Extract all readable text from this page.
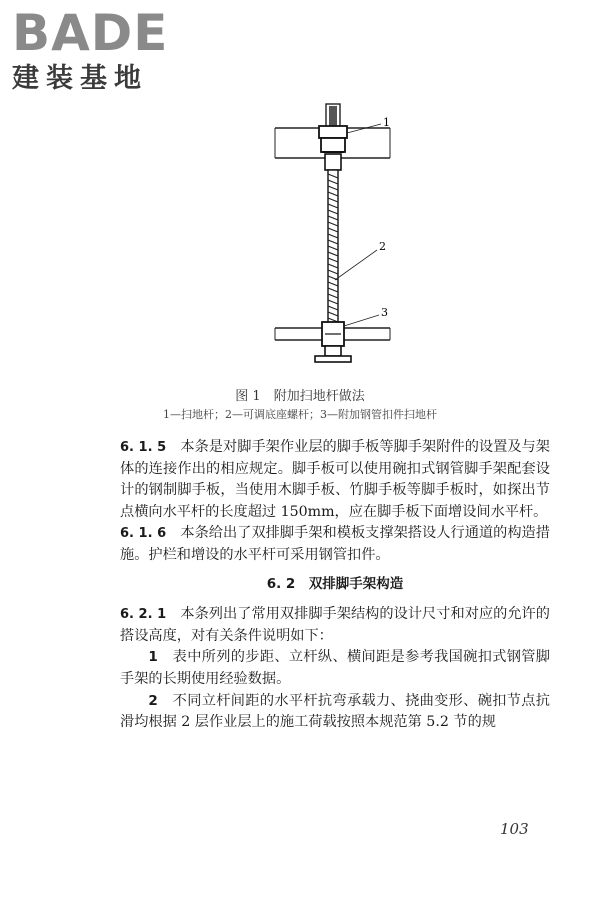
BADE
建装基地
1
2
3
图 1　附加扫地杆做法
1—扫地杆；2—可调底座螺杆；3—附加钢管扣件扫地杆

6. 1. 5　 本条是对脚手架作业层的脚手板等脚手架附件的设置及与架体的连接作出的相应规定。脚手板可以使用碗扣式钢管脚手架配套设计的钢制脚手板，当使用木脚手板、竹脚手板等脚手板时，如探出节点横向水平杆的长度超过 150mm，应在脚手板下面增设间水平杆。

6. 1. 6　 本条给出了双排脚手架和模板支撑架搭设人行通道的构造措施。护栏和增设的水平杆可采用钢管扣件。

6. 2　 双排脚手架构造

6. 2. 1　 本条列出了常用双排脚手架结构的设计尺寸和对应的允许的搭设高度，对有关条件说明如下：

1　 表中所列的步距、立杆纵、横间距是参考我国碗扣式钢管脚手架的长期使用经验数据。

2　 不同立杆间距的水平杆抗弯承载力、挠曲变形、碗扣节点抗滑均根据 2 层作业层上的施工荷载按照本规范第 5.2 节的规

103
